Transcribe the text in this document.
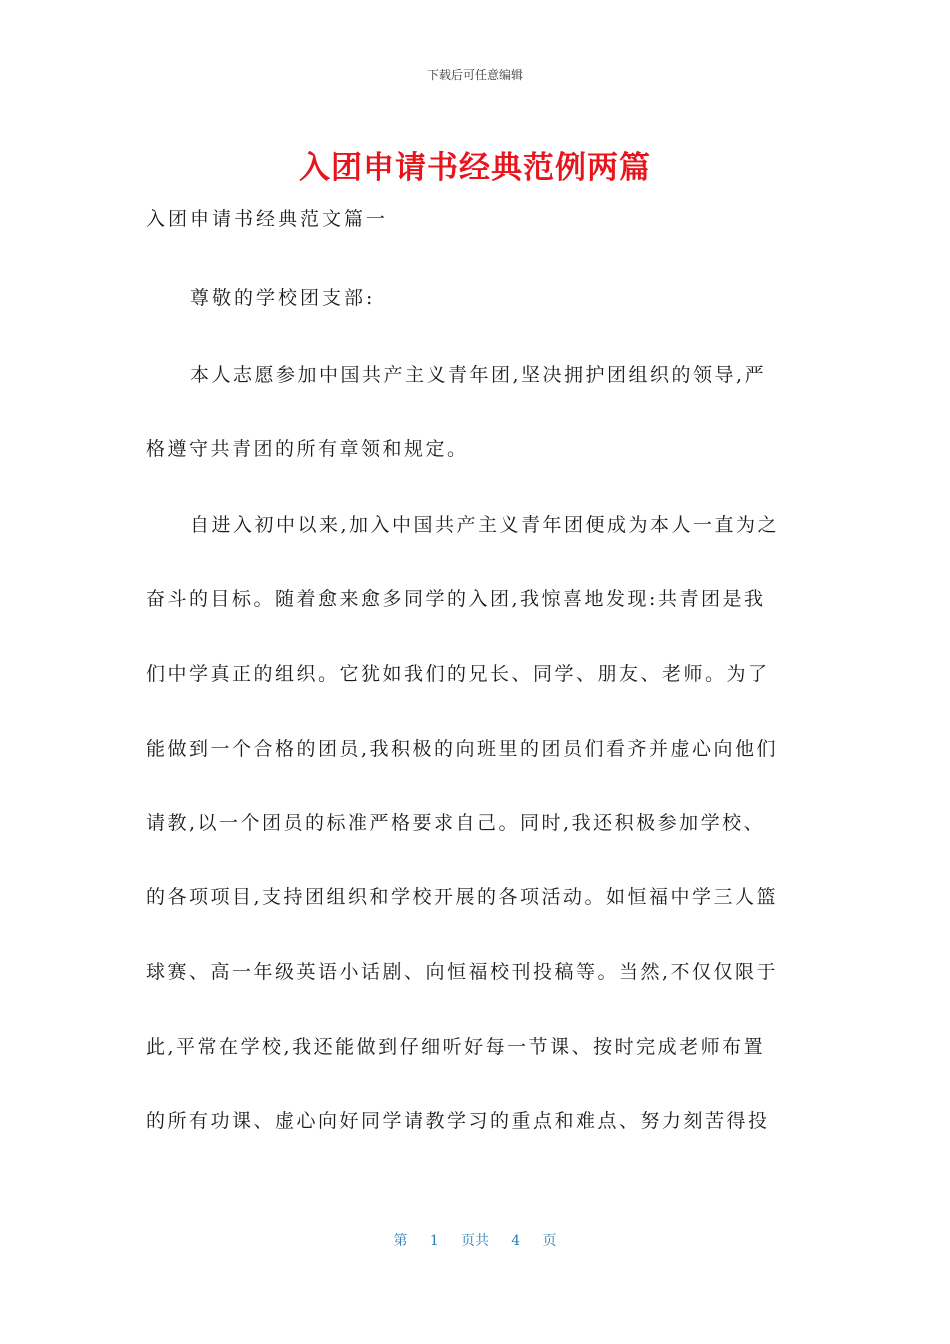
下载后可任意编辑
入团申请书经典范例两篇
入团申请书经典范文篇一
尊敬的学校团支部:
本人志愿参加中国共产主义青年团,坚决拥护团组织的领导,严
格遵守共青团的所有章领和规定。
自进入初中以来,加入中国共产主义青年团便成为本人一直为之
奋斗的目标。随着愈来愈多同学的入团,我惊喜地发现:共青团是我
们中学真正的组织。它犹如我们的兄长、同学、朋友、老师。为了
能做到一个合格的团员,我积极的向班里的团员们看齐并虚心向他们
请教,以一个团员的标准严格要求自己。同时,我还积极参加学校、
的各项项目,支持团组织和学校开展的各项活动。如恒福中学三人篮
球赛、高一年级英语小话剧、向恒福校刊投稿等。当然,不仅仅限于
此,平常在学校,我还能做到仔细听好每一节课、按时完成老师布置
的所有功课、虚心向好同学请教学习的重点和难点、努力刻苦得投
第 1 页共 4 页
